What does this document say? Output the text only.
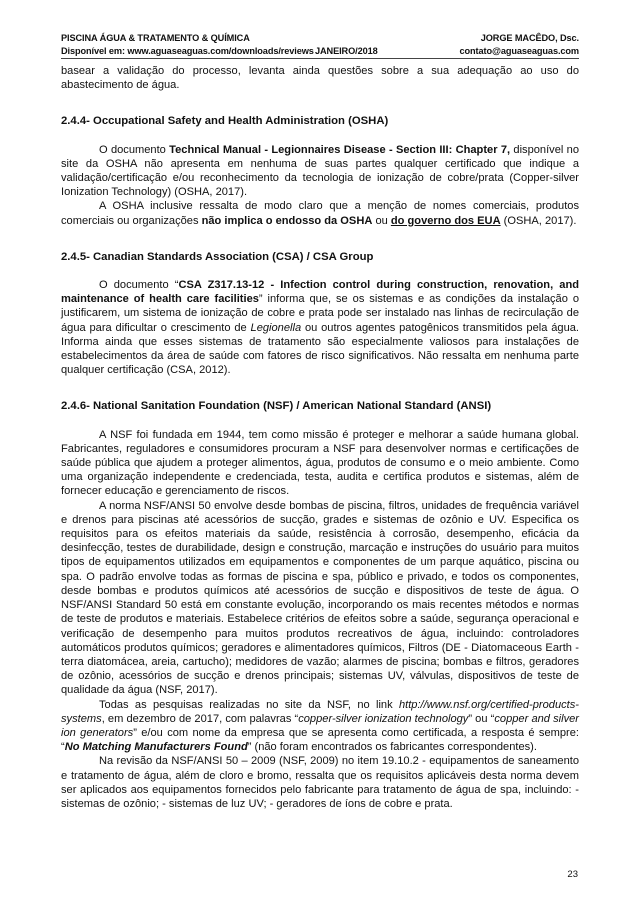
PISCINA ÁGUA & TRATAMENTO & QUÍMICA	JORGE MACÊDO, Dsc.
Disponível em: www.aguaseaguas.com/downloads/reviews JANEIRO/2018	contato@aguaseaguas.com

basear a validação do processo, levanta ainda questões sobre a sua adequação ao uso do abastecimento de água.

2.4.4- Occupational Safety and Health Administration (OSHA)

O documento Technical Manual - Legionnaires Disease - Section III: Chapter 7, disponível no site da OSHA não apresenta em nenhuma de suas partes qualquer certificado que indique a validação/certificação e/ou reconhecimento da tecnologia de ionização de cobre/prata (Copper-silver Ionization Technology) (OSHA, 2017).

A OSHA inclusive ressalta de modo claro que a menção de nomes comerciais, produtos comerciais ou organizações não implica o endosso da OSHA ou do governo dos EUA (OSHA, 2017).

2.4.5- Canadian Standards Association (CSA) / CSA Group

O documento “CSA Z317.13-12 - Infection control during construction, renovation, and maintenance of health care facilities” informa que, se os sistemas e as condições da instalação o justificarem, um sistema de ionização de cobre e prata pode ser instalado nas linhas de recirculação de água para dificultar o crescimento de Legionella ou outros agentes patogênicos transmitidos pela água. Informa ainda que esses sistemas de tratamento são especialmente valiosos para instalações de estabelecimentos da área de saúde com fatores de risco significativos. Não ressalta em nenhuma parte qualquer certificação (CSA, 2012).

2.4.6- National Sanitation Foundation (NSF) / American National Standard (ANSI)

A NSF foi fundada em 1944, tem como missão é proteger e melhorar a saúde humana global. Fabricantes, reguladores e consumidores procuram a NSF para desenvolver normas e certificações de saúde pública que ajudem a proteger alimentos, água, produtos de consumo e o meio ambiente. Como uma organização independente e credenciada, testa, audita e certifica produtos e sistemas, além de fornecer educação e gerenciamento de riscos.

A norma NSF/ANSI 50 envolve desde bombas de piscina, filtros, unidades de frequência variável e drenos para piscinas até acessórios de sucção, grades e sistemas de ozônio e UV. Especifica os requisitos para os efeitos materiais da saúde, resistência à corrosão, desempenho, eficácia da desinfecção, testes de durabilidade, design e construção, marcação e instruções do usuário para muitos tipos de equipamentos utilizados em equipamentos e componentes de um parque aquático, piscina ou spa. O padrão envolve todas as formas de piscina e spa, público e privado, e todos os componentes, desde bombas e produtos químicos até acessórios de sucção e dispositivos de teste de água. O NSF/ANSI Standard 50 está em constante evolução, incorporando os mais recentes métodos e normas de teste de produtos e materiais. Estabelece critérios de efeitos sobre a saúde, segurança operacional e verificação de desempenho para muitos produtos recreativos de água, incluindo: controladores automáticos produtos químicos; geradores e alimentadores químicos, Filtros (DE - Diatomaceous Earth - terra diatomácea, areia, cartucho); medidores de vazão; alarmes de piscina; bombas e filtros, geradores de ozônio, acessórios de sucção e drenos principais; sistemas UV, válvulas, dispositivos de teste de qualidade da água (NSF, 2017).

Todas as pesquisas realizadas no site da NSF, no link http://www.nsf.org/certified-products-systems, em dezembro de 2017, com palavras “copper-silver ionization technology” ou “copper and silver ion generators” e/ou com nome da empresa que se apresenta como certificada, a resposta é sempre: “No Matching Manufacturers Found” (não foram encontrados os fabricantes correspondentes).

Na revisão da NSF/ANSI 50 – 2009 (NSF, 2009) no item 19.10.2 - equipamentos de saneamento e tratamento de água, além de cloro e bromo, ressalta que os requisitos aplicáveis desta norma devem ser aplicados aos equipamentos fornecidos pelo fabricante para tratamento de água de spa, incluindo: - sistemas de ozônio; - sistemas de luz UV; - geradores de íons de cobre e prata.

23
